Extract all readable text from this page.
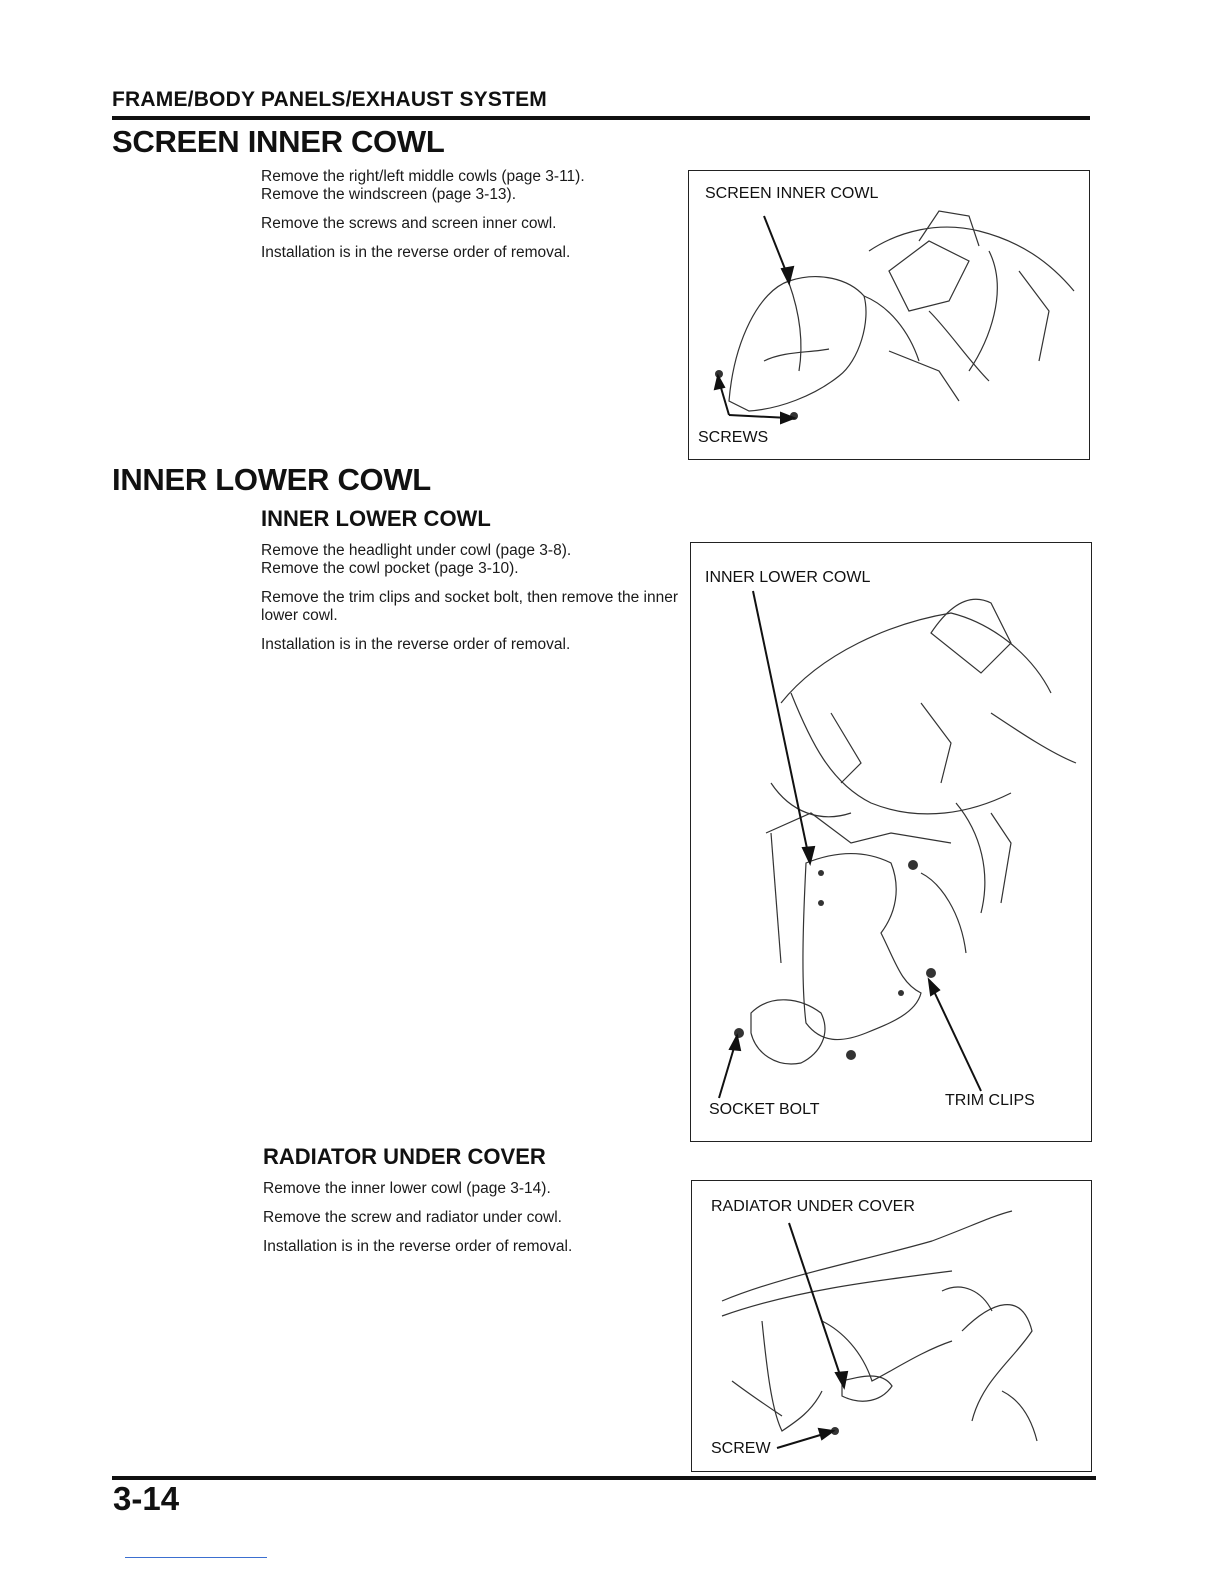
FRAME/BODY PANELS/EXHAUST SYSTEM
SCREEN INNER COWL

Remove the right/left middle cowls (page 3-11).
Remove the windscreen (page 3-13).

Remove the screws and screen inner cowl.

Installation is in the reverse order of removal.

SCREEN INNER COWL
SCREWS
INNER LOWER COWL
INNER LOWER COWL

Remove the headlight under cowl (page 3-8).
Remove the cowl pocket (page 3-10).

Remove the trim clips and socket bolt, then remove the inner lower cowl.

Installation is in the reverse order of removal.

INNER LOWER COWL
SOCKET BOLT
TRIM CLIPS
RADIATOR UNDER COVER

Remove the inner lower cowl (page 3-14).

Remove the screw and radiator under cowl.

Installation is in the reverse order of removal.

RADIATOR UNDER COVER
SCREW
3-14
